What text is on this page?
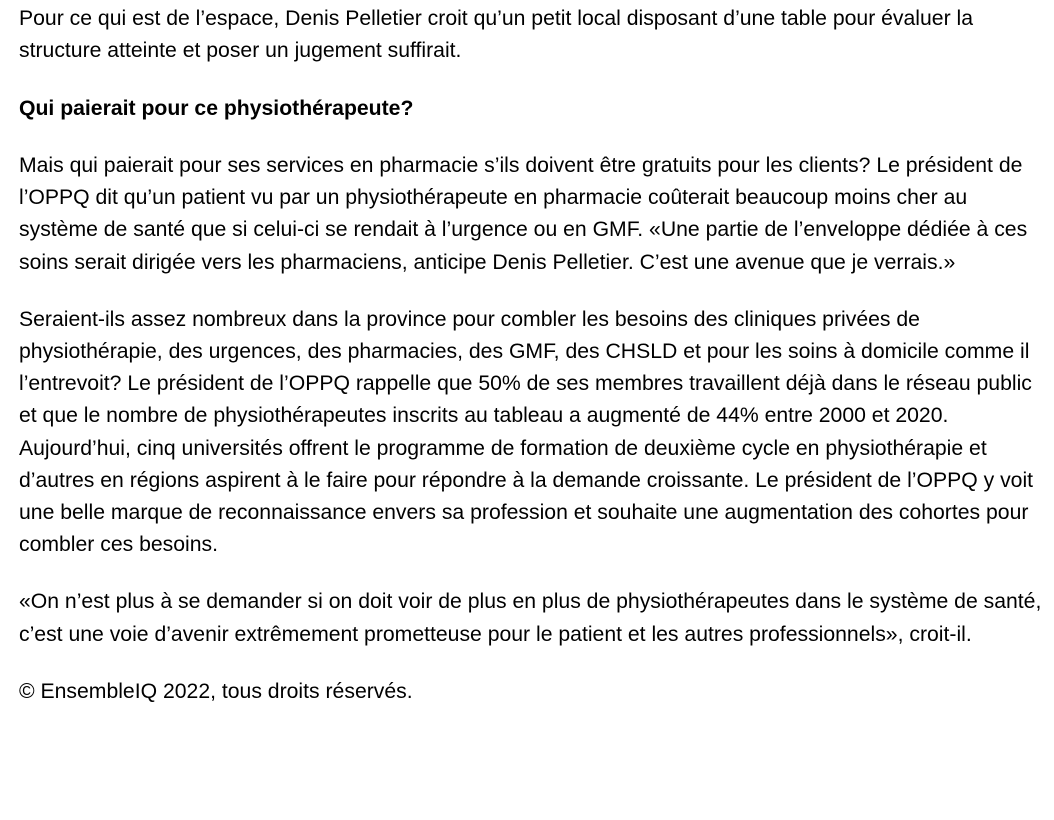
Pour ce qui est de l’espace, Denis Pelletier croit qu’un petit local disposant d’une table pour évaluer la structure atteinte et poser un jugement suffirait.

Qui paierait pour ce physiothérapeute?

Mais qui paierait pour ses services en pharmacie s’ils doivent être gratuits pour les clients? Le président de l’OPPQ dit qu’un patient vu par un physiothérapeute en pharmacie coûterait beaucoup moins cher au système de santé que si celui-ci se rendait à l’urgence ou en GMF. «Une partie de l’enveloppe dédiée à ces soins serait dirigée vers les pharmaciens, anticipe Denis Pelletier. C’est une avenue que je verrais.»

Seraient-ils assez nombreux dans la province pour combler les besoins des cliniques privées de physiothérapie, des urgences, des pharmacies, des GMF, des CHSLD et pour les soins à domicile comme il l’entrevoit? Le président de l’OPPQ rappelle que 50% de ses membres travaillent déjà dans le réseau public et que le nombre de physiothérapeutes inscrits au tableau a augmenté de 44% entre 2000 et 2020. Aujourd’hui, cinq universités offrent le programme de formation de deuxième cycle en physiothérapie et d’autres en régions aspirent à le faire pour répondre à la demande croissante. Le président de l’OPPQ y voit une belle marque de reconnaissance envers sa profession et souhaite une augmentation des cohortes pour combler ces besoins.

«On n’est plus à se demander si on doit voir de plus en plus de physiothérapeutes dans le système de santé, c’est une voie d’avenir extrêmement prometteuse pour le patient et les autres professionnels», croit-il.

© EnsembleIQ 2022, tous droits réservés.
